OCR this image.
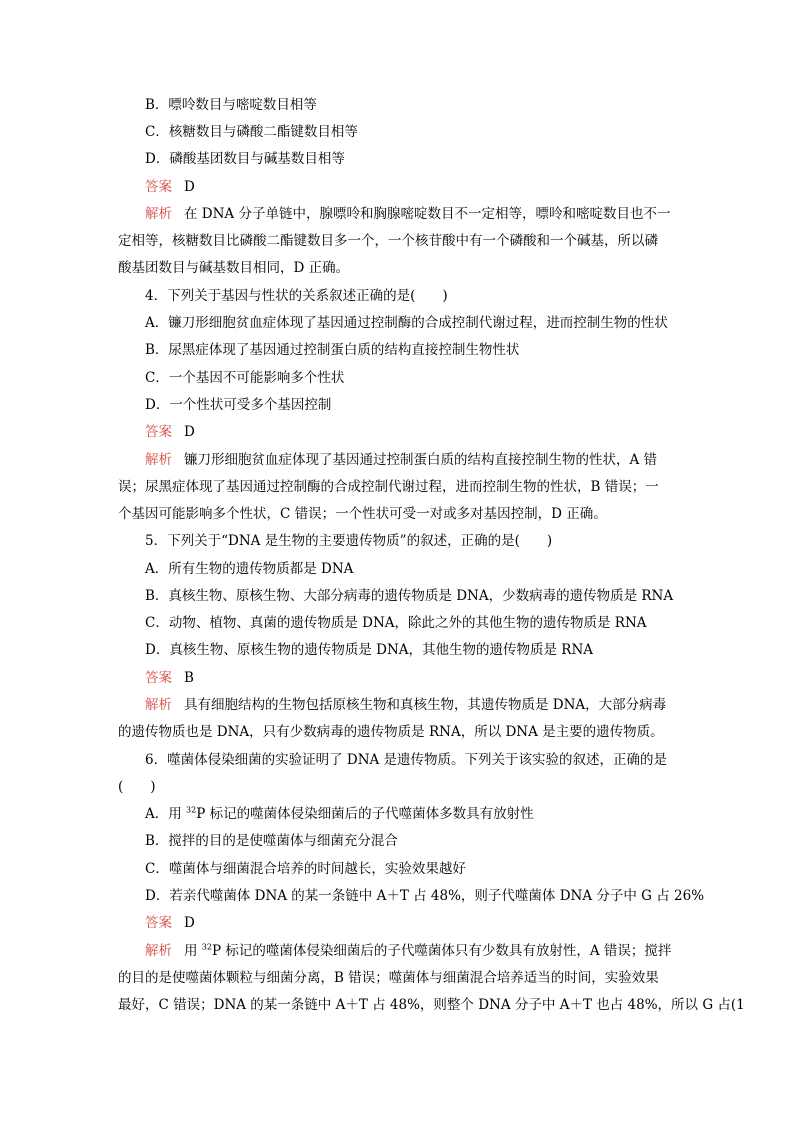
B．嘌呤数目与嘧啶数目相等
C．核糖数目与磷酸二酯键数目相等
D．磷酸基团数目与碱基数目相等
答案 D
解析 在 DNA 分子单链中，腺嘌呤和胸腺嘧啶数目不一定相等，嘌呤和嘧啶数目也不一
定相等，核糖数目比磷酸二酯键数目多一个，一个核苷酸中有一个磷酸和一个碱基，所以磷
酸基团数目与碱基数目相同，D 正确。
4．下列关于基因与性状的关系叙述正确的是(　　)
A．镰刀形细胞贫血症体现了基因通过控制酶的合成控制代谢过程，进而控制生物的性状
B．尿黑症体现了基因通过控制蛋白质的结构直接控制生物性状
C．一个基因不可能影响多个性状
D．一个性状可受多个基因控制
答案 D
解析 镰刀形细胞贫血症体现了基因通过控制蛋白质的结构直接控制生物的性状，A 错
误；尿黑症体现了基因通过控制酶的合成控制代谢过程，进而控制生物的性状，B 错误；一
个基因可能影响多个性状，C 错误；一个性状可受一对或多对基因控制，D 正确。
5．下列关于“DNA 是生物的主要遗传物质”的叙述，正确的是(　　)
A．所有生物的遗传物质都是 DNA
B．真核生物、原核生物、大部分病毒的遗传物质是 DNA，少数病毒的遗传物质是 RNA
C．动物、植物、真菌的遗传物质是 DNA，除此之外的其他生物的遗传物质是 RNA
D．真核生物、原核生物的遗传物质是 DNA，其他生物的遗传物质是 RNA
答案 B
解析 具有细胞结构的生物包括原核生物和真核生物，其遗传物质是 DNA，大部分病毒
的遗传物质也是 DNA，只有少数病毒的遗传物质是 RNA，所以 DNA 是主要的遗传物质。
6．噬菌体侵染细菌的实验证明了 DNA 是遗传物质。下列关于该实验的叙述，正确的是
(　　)
A．用 $^{32}$P 标记的噬菌体侵染细菌后的子代噬菌体多数具有放射性
B．搅拌的目的是使噬菌体与细菌充分混合
C．噬菌体与细菌混合培养的时间越长，实验效果越好
D．若亲代噬菌体 DNA 的某一条链中 A＋T 占 48%，则子代噬菌体 DNA 分子中 G 占 26%
答案 D
解析 用 $^{32}$P 标记的噬菌体侵染细菌后的子代噬菌体只有少数具有放射性，A 错误；搅拌
的目的是使噬菌体颗粒与细菌分离，B 错误；噬菌体与细菌混合培养适当的时间，实验效果
最好，C 错误；DNA 的某一条链中 A＋T 占 48%，则整个 DNA 分子中 A＋T 也占 48%，所以 G 占(1
